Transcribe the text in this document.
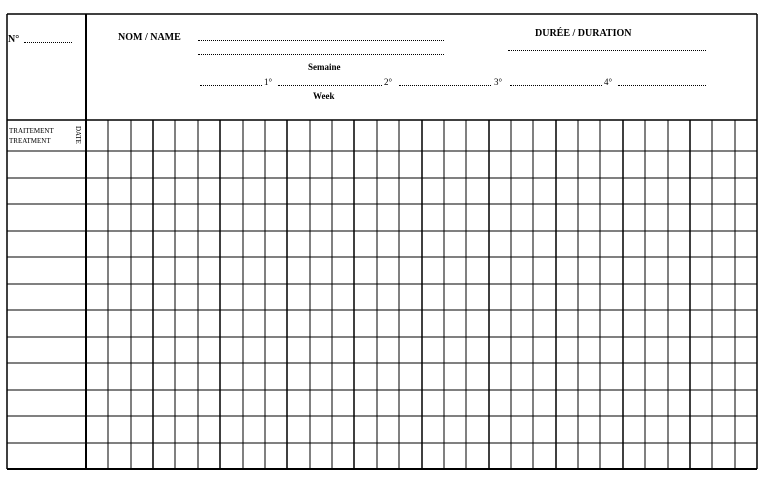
N°	NOM / NAME	DURÉE / DURATION
Semaine
Week
1°	2°	3°	4°
TRAITEMENT
TREATMENT	DATE
